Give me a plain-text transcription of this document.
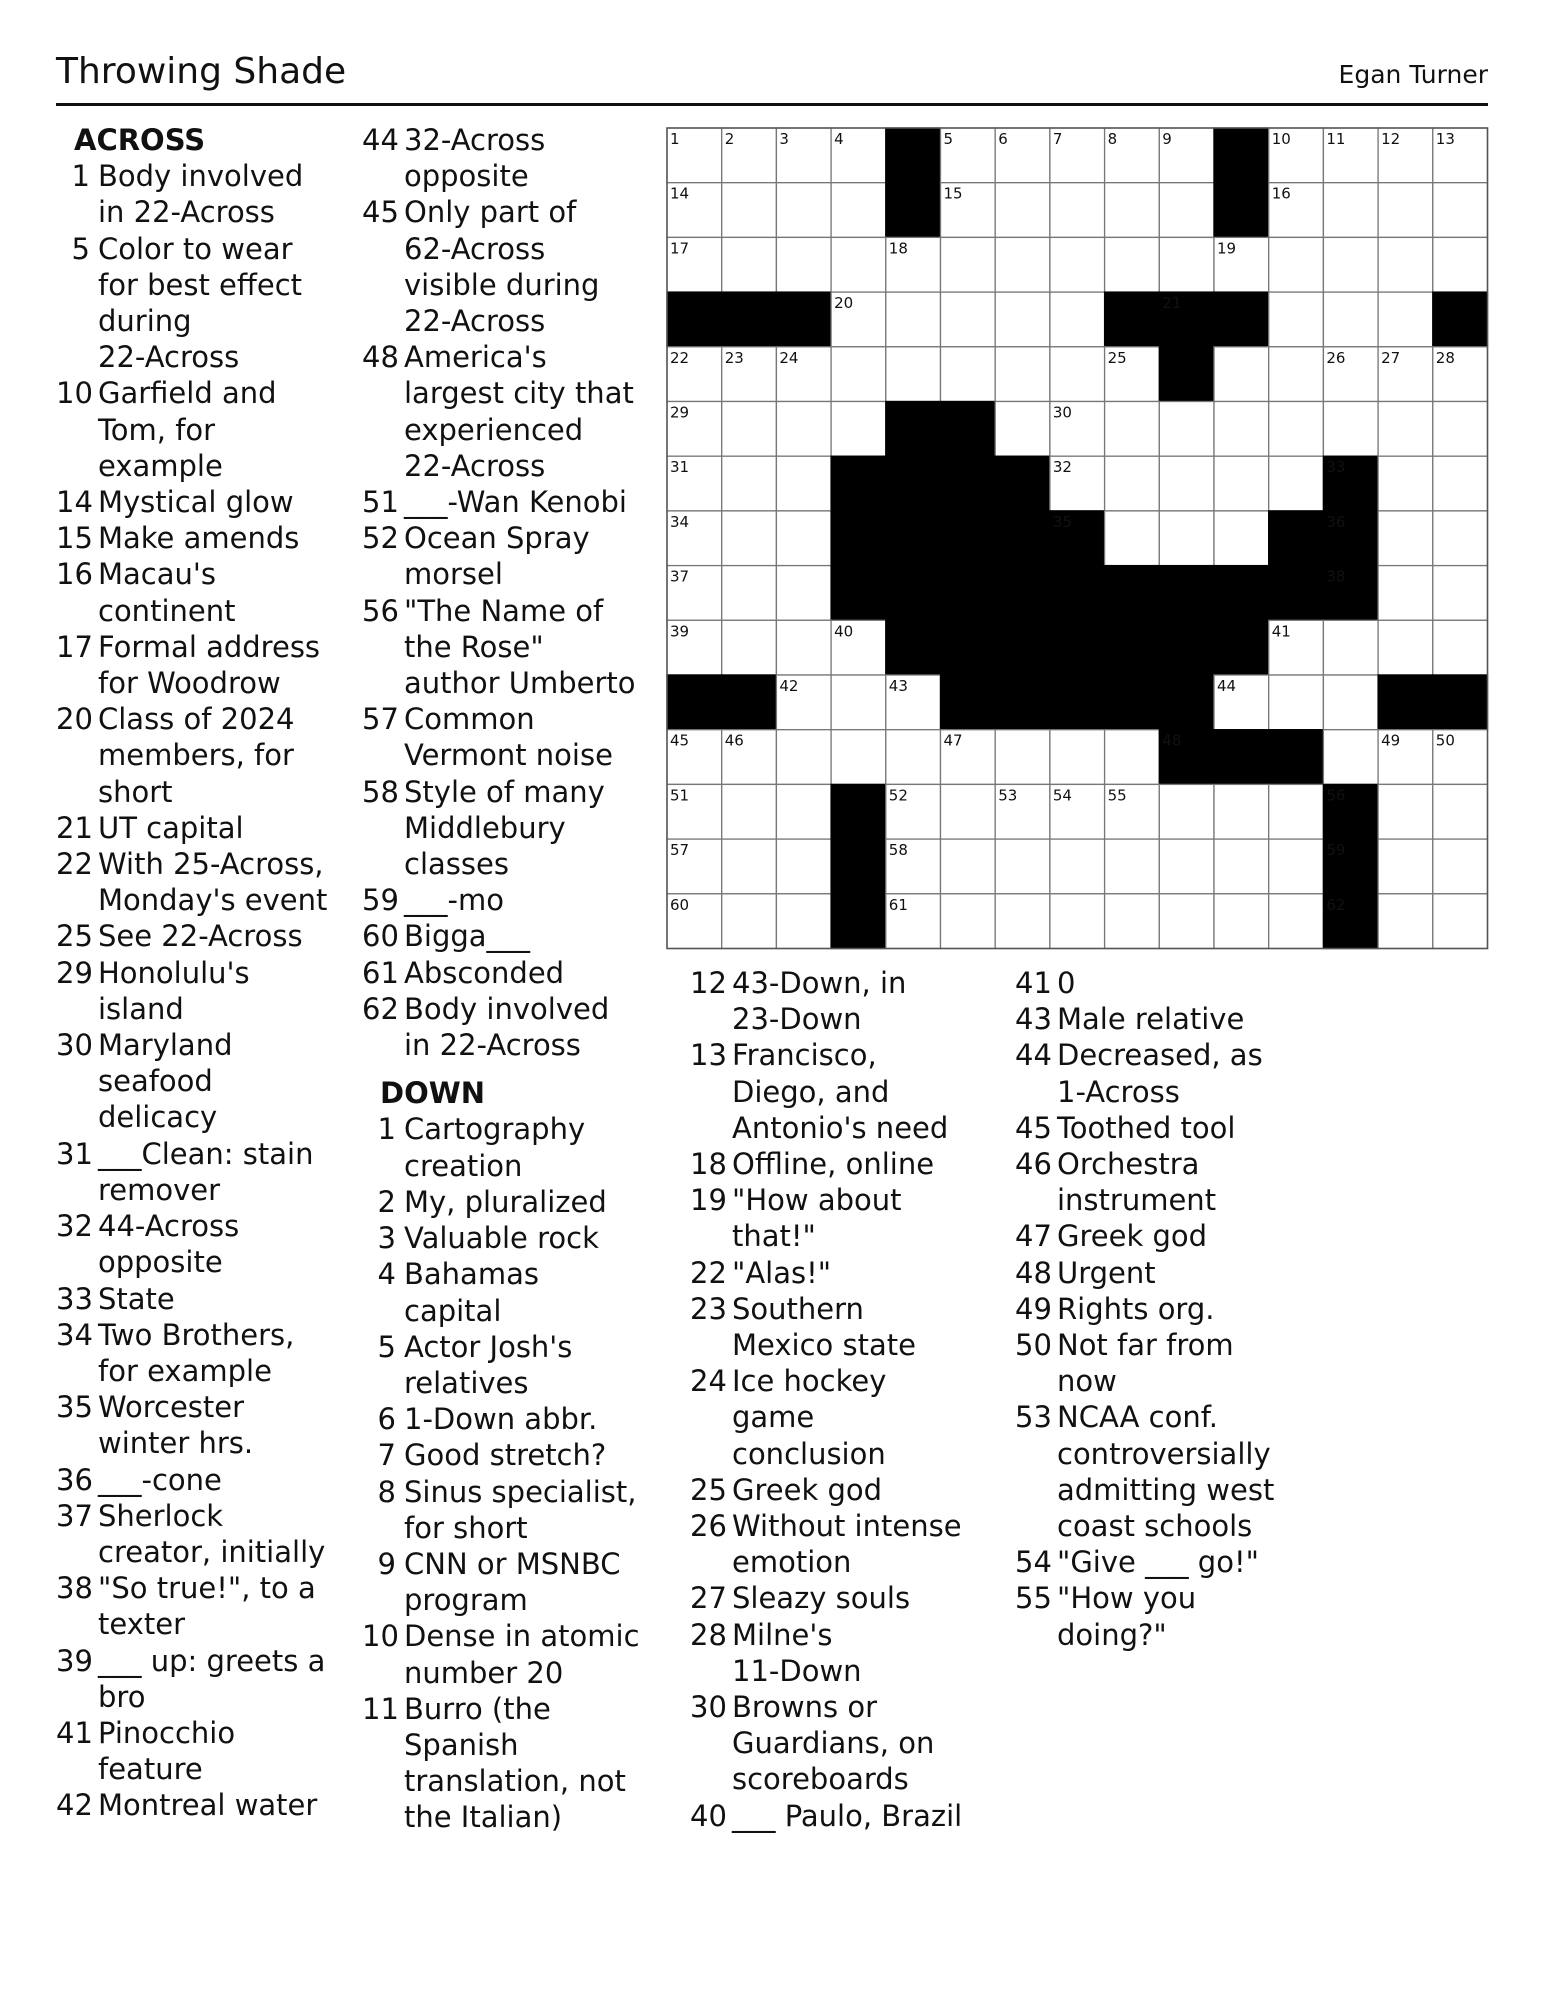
Throwing Shade	Egan Turner
ACROSS
1 Body involved
in 22-Across
5 Color to wear
for best effect
during
22-Across
10 Garfield and
Tom, for
example
14 Mystical glow
15 Make amends
16 Macau's
continent
17 Formal address
for Woodrow
20 Class of 2024
members, for
short
21 UT capital
22 With 25-Across,
Monday's event
25 See 22-Across
29 Honolulu's
island
30 Maryland
seafood
delicacy
31 ___Clean: stain
remover
32 44-Across
opposite
33 State
34 Two Brothers,
for example
35 Worcester
winter hrs.
36 ___-cone
37 Sherlock
creator, initially
38 "So true!", to a
texter
39 ___ up: greets a
bro
41 Pinocchio
feature
42 Montreal water
44 32-Across
opposite
45 Only part of
62-Across
visible during
22-Across
48 America's
largest city that
experienced
22-Across
51 ___-Wan Kenobi
52 Ocean Spray
morsel
56 "The Name of
the Rose"
author Umberto
57 Common
Vermont noise
58 Style of many
Middlebury
classes
59 ___-mo
60 Bigga___
61 Absconded
62 Body involved
in 22-Across
DOWN
1 Cartography
creation
2 My, pluralized
3 Valuable rock
4 Bahamas
capital
5 Actor Josh's
relatives
6 1-Down abbr.
7 Good stretch?
8 Sinus specialist,
for short
9 CNN or MSNBC
program
10 Dense in atomic
number 20
11 Burro (the
Spanish
translation, not
the Italian)
12 43-Down, in
23-Down
13 Francisco,
Diego, and
Antonio's need
18 Offline, online
19 "How about
that!"
22 "Alas!"
23 Southern
Mexico state
24 Ice hockey
game
conclusion
25 Greek god
26 Without intense
emotion
27 Sleazy souls
28 Milne's
11-Down
30 Browns or
Guardians, on
scoreboards
40 ___ Paulo, Brazil
41 0
43 Male relative
44 Decreased, as
1-Across
45 Toothed tool
46 Orchestra
instrument
47 Greek god
48 Urgent
49 Rights org.
50 Not far from
now
53 NCAA conf.
controversially
admitting west
coast schools
54 "Give ___ go!"
55 "How you
doing?"
1	2	3	4	5	6	7	8	9	10 11 12 13
14	15	16
17	18	19
20	21
22 23 24	25	26 27 28
29	30
31	32	33
34	35	36
37	38
39	40	41
42	43	44
45 46	47	48	49 50
51	52	53 54 55	56
57	58	59
60	61	62
